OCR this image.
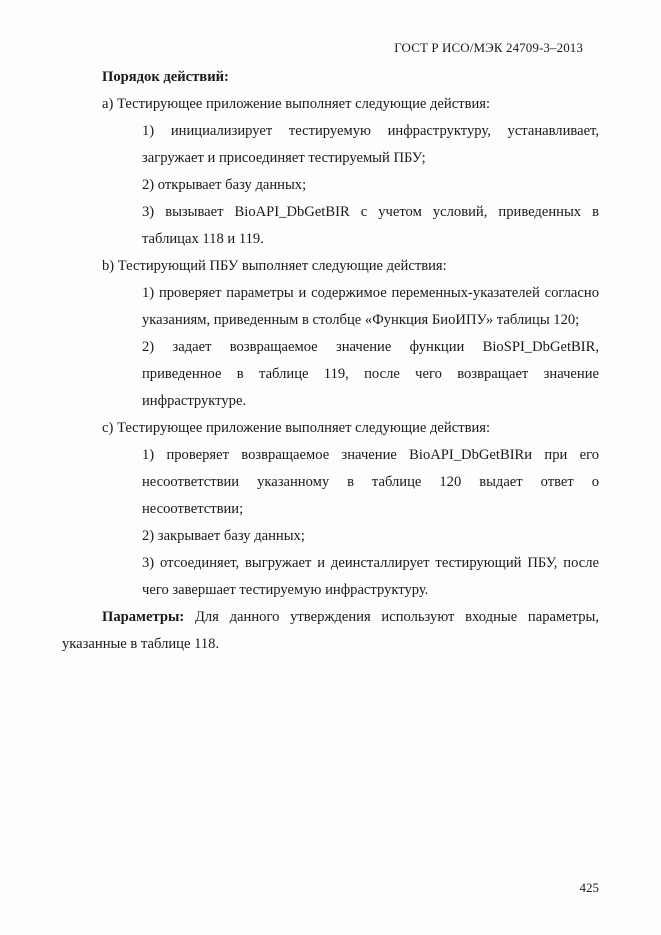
ГОСТ Р ИСО/МЭК 24709-3–2013

Порядок действий:

a) Тестирующее приложение выполняет следующие действия:

1) инициализирует тестируемую инфраструктуру, устанавливает, загружает и присоединяет тестируемый ПБУ;

2) открывает базу данных;

3) вызывает BioAPI_DbGetBIR с учетом условий, приведенных в таблицах 118 и 119.

b) Тестирующий ПБУ выполняет следующие действия:

1) проверяет параметры и содержимое переменных-указателей согласно указаниям, приведенным в столбце «Функция БиоИПУ» таблицы 120;

2) задает возвращаемое значение функции BioSPI_DbGetBIR, приведенное в таблице 119, после чего возвращает значение инфраструктуре.

c) Тестирующее приложение выполняет следующие действия:

1) проверяет возвращаемое значение BioAPI_DbGetBIRи при его несоответствии указанному в таблице 120 выдает ответ о несоответствии;

2) закрывает базу данных;

3) отсоединяет, выгружает и деинсталлирует тестирующий ПБУ, после чего завершает тестируемую инфраструктуру.

Параметры: Для данного утверждения используют входные параметры, указанные в таблице 118.

425
